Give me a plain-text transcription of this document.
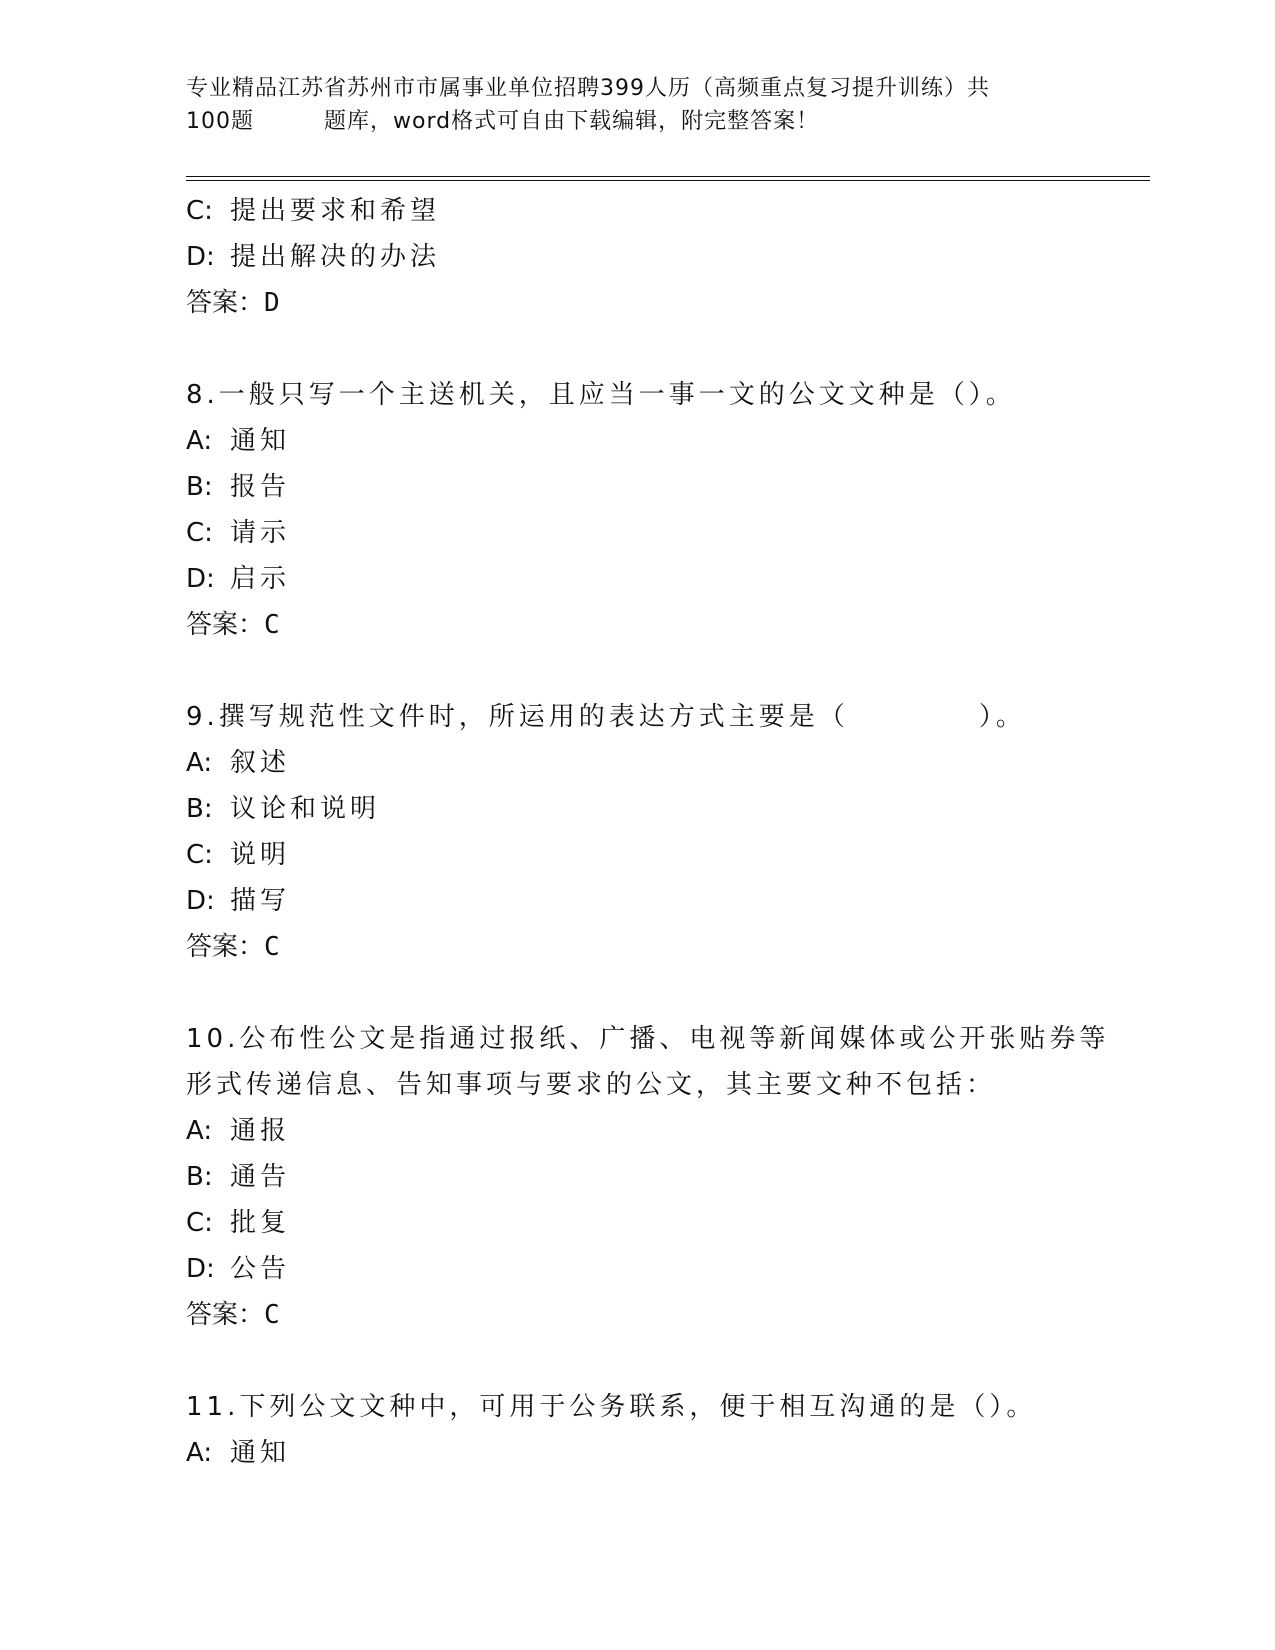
专业精品江苏省苏州市市属事业单位招聘399人历（高频重点复习提升训练）共
100题	题库，word格式可自由下载编辑，附完整答案！
C: 提出要求和希望
D: 提出解决的办法
答案：D
8.一般只写一个主送机关，且应当一事一文的公文文种是（）。
A: 通知
B: 报告
C: 请示
D: 启示
答案：C
9.撰写规范性文件时，所运用的表达方式主要是（	）。
A: 叙述
B: 议论和说明
C: 说明
D: 描写
答案：C
10.公布性公文是指通过报纸、广播、电视等新闻媒体或公开张贴券等
形式传递信息、告知事项与要求的公文，其主要文种不包括：
A: 通报
B: 通告
C: 批复
D: 公告
答案：C
11.下列公文文种中，可用于公务联系，便于相互沟通的是（）。
A: 通知
